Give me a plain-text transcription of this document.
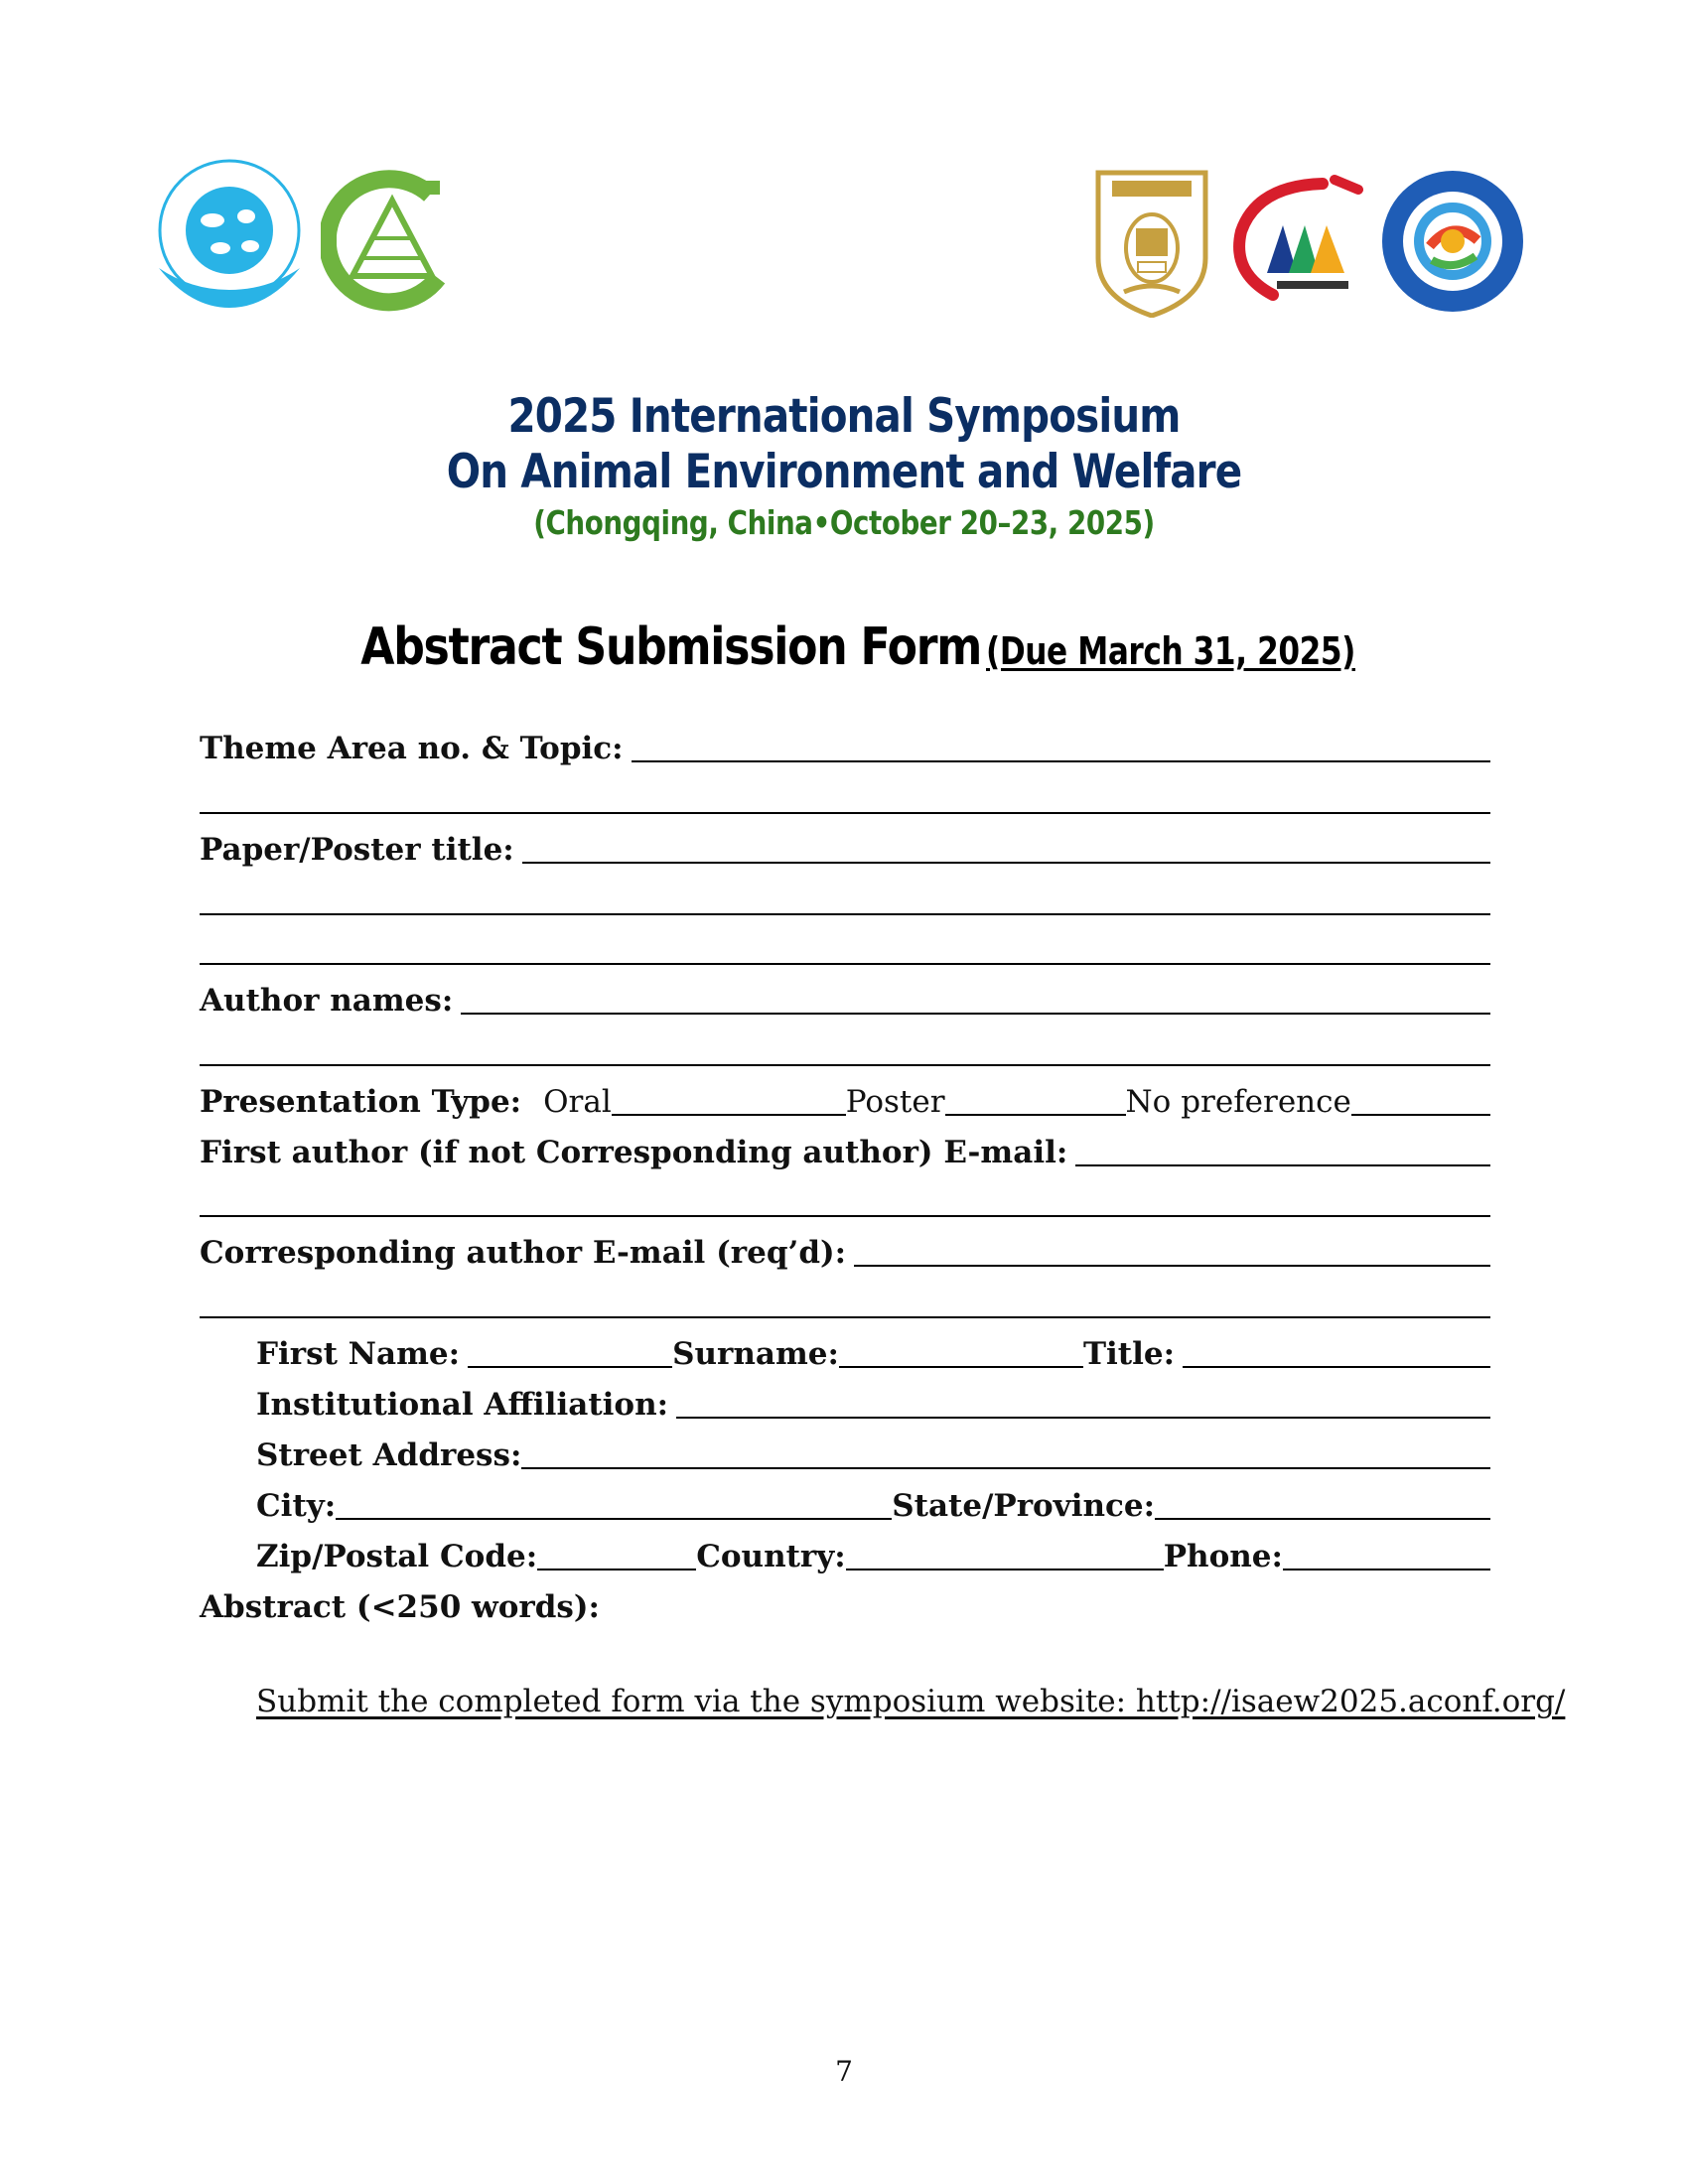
2025 International Symposium
On Animal Environment and Welfare
(Chongqing, China•October 20–23, 2025)
Abstract Submission Form (Due March 31, 2025)
Theme Area no. & Topic:
Paper/Poster title:
Author names:
Presentation Type: Oral	Poster	No preference
First author (if not Corresponding author) E-mail:
Corresponding author E-mail (req’d):
First Name:	Surname:	Title:
Institutional Affiliation:
Street Address:
City:	State/Province:
Zip/Postal Code:	Country:	Phone:
Abstract (<250 words):
Submit the completed form via the symposium website: http://isaew2025.aconf.org/
7
